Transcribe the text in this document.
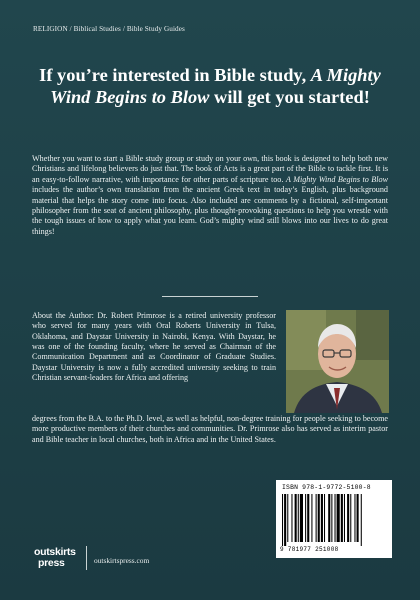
RELIGION / Biblical Studies / Bible Study Guides
If you’re interested in Bible study, A Mighty Wind Begins to Blow will get you started!
Whether you want to start a Bible study group or study on your own, this book is designed to help both new Christians and lifelong believers do just that. The book of Acts is a great part of the Bible to tackle first. It is an easy-to-follow narrative, with importance for other parts of scripture too. A Mighty Wind Begins to Blow includes the author’s own translation from the ancient Greek text in today’s English, plus background material that helps the story come into focus. Also included are comments by a fictional, self-important philosopher from the seat of ancient philosophy, plus thought-provoking questions to help you wrestle with the tough issues of how to apply what you learn. God’s mighty wind still blows into our lives to do great things!
About the Author: Dr. Robert Primrose is a retired university professor who served for many years with Oral Roberts University in Tulsa, Oklahoma, and Daystar University in Nairobi, Kenya. With Daystar, he was one of the founding faculty, where he served as Chairman of the Communication Department and as Coordinator of Graduate Studies. Daystar University is now a fully accredited university seeking to train Christian servant-leaders for Africa and offering
degrees from the B.A. to the Ph.D. level, as well as helpful, non-degree training for people seeking to become more productive members of their churches and communities. Dr. Primrose also has served as interim pastor and Bible teacher in local churches, both in Africa and in the United States.
ISBN 978-1-9772-5100-8
9 781977 251008
outskirts
press	outskirtspress.com
